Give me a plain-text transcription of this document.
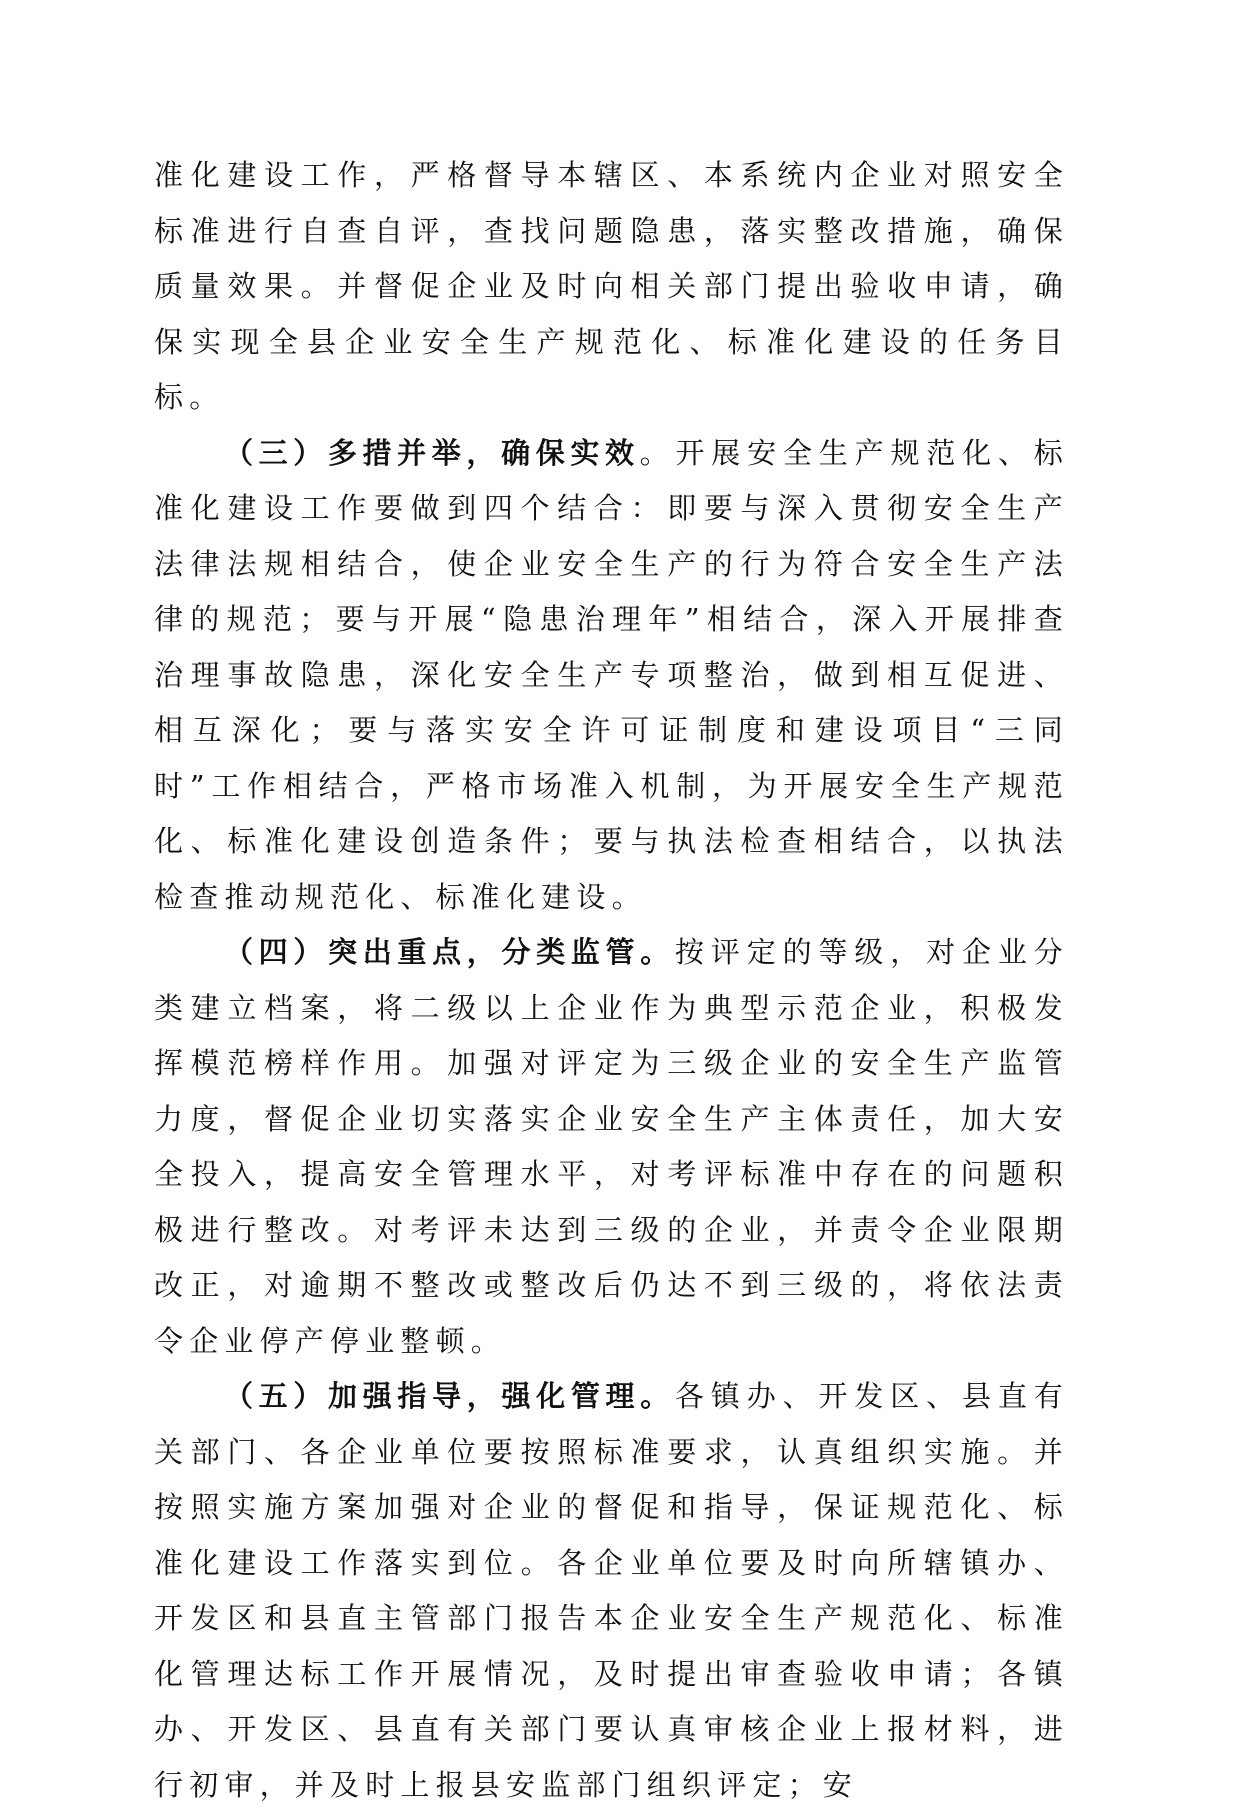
准化建设工作，严格督导本辖区、本系统内企业对照安全标准进行自查自评，查找问题隐患，落实整改措施，确保质量效果。并督促企业及时向相关部门提出验收申请，确保实现全县企业安全生产规范化、标准化建设的任务目标。

（三）多措并举，确保实效。开展安全生产规范化、标准化建设工作要做到四个结合：即要与深入贯彻安全生产法律法规相结合，使企业安全生产的行为符合安全生产法律的规范；要与开展“隐患治理年”相结合，深入开展排查治理事故隐患，深化安全生产专项整治，做到相互促进、相互深化；要与落实安全许可证制度和建设项目“三同时”工作相结合，严格市场准入机制，为开展安全生产规范化、标准化建设创造条件；要与执法检查相结合，以执法检查推动规范化、标准化建设。

（四）突出重点，分类监管。按评定的等级，对企业分类建立档案，将二级以上企业作为典型示范企业，积极发挥模范榜样作用。加强对评定为三级企业的安全生产监管力度，督促企业切实落实企业安全生产主体责任，加大安全投入，提高安全管理水平，对考评标准中存在的问题积极进行整改。对考评未达到三级的企业，并责令企业限期改正，对逾期不整改或整改后仍达不到三级的，将依法责令企业停产停业整顿。

（五）加强指导，强化管理。各镇办、开发区、县直有关部门、各企业单位要按照标准要求，认真组织实施。并按照实施方案加强对企业的督促和指导，保证规范化、标准化建设工作落实到位。各企业单位要及时向所辖镇办、开发区和县直主管部门报告本企业安全生产规范化、标准化管理达标工作开展情况，及时提出审查验收申请；各镇办、开发区、县直有关部门要认真审核企业上报材料，进行初审，并及时上报县安监部门组织评定；安
